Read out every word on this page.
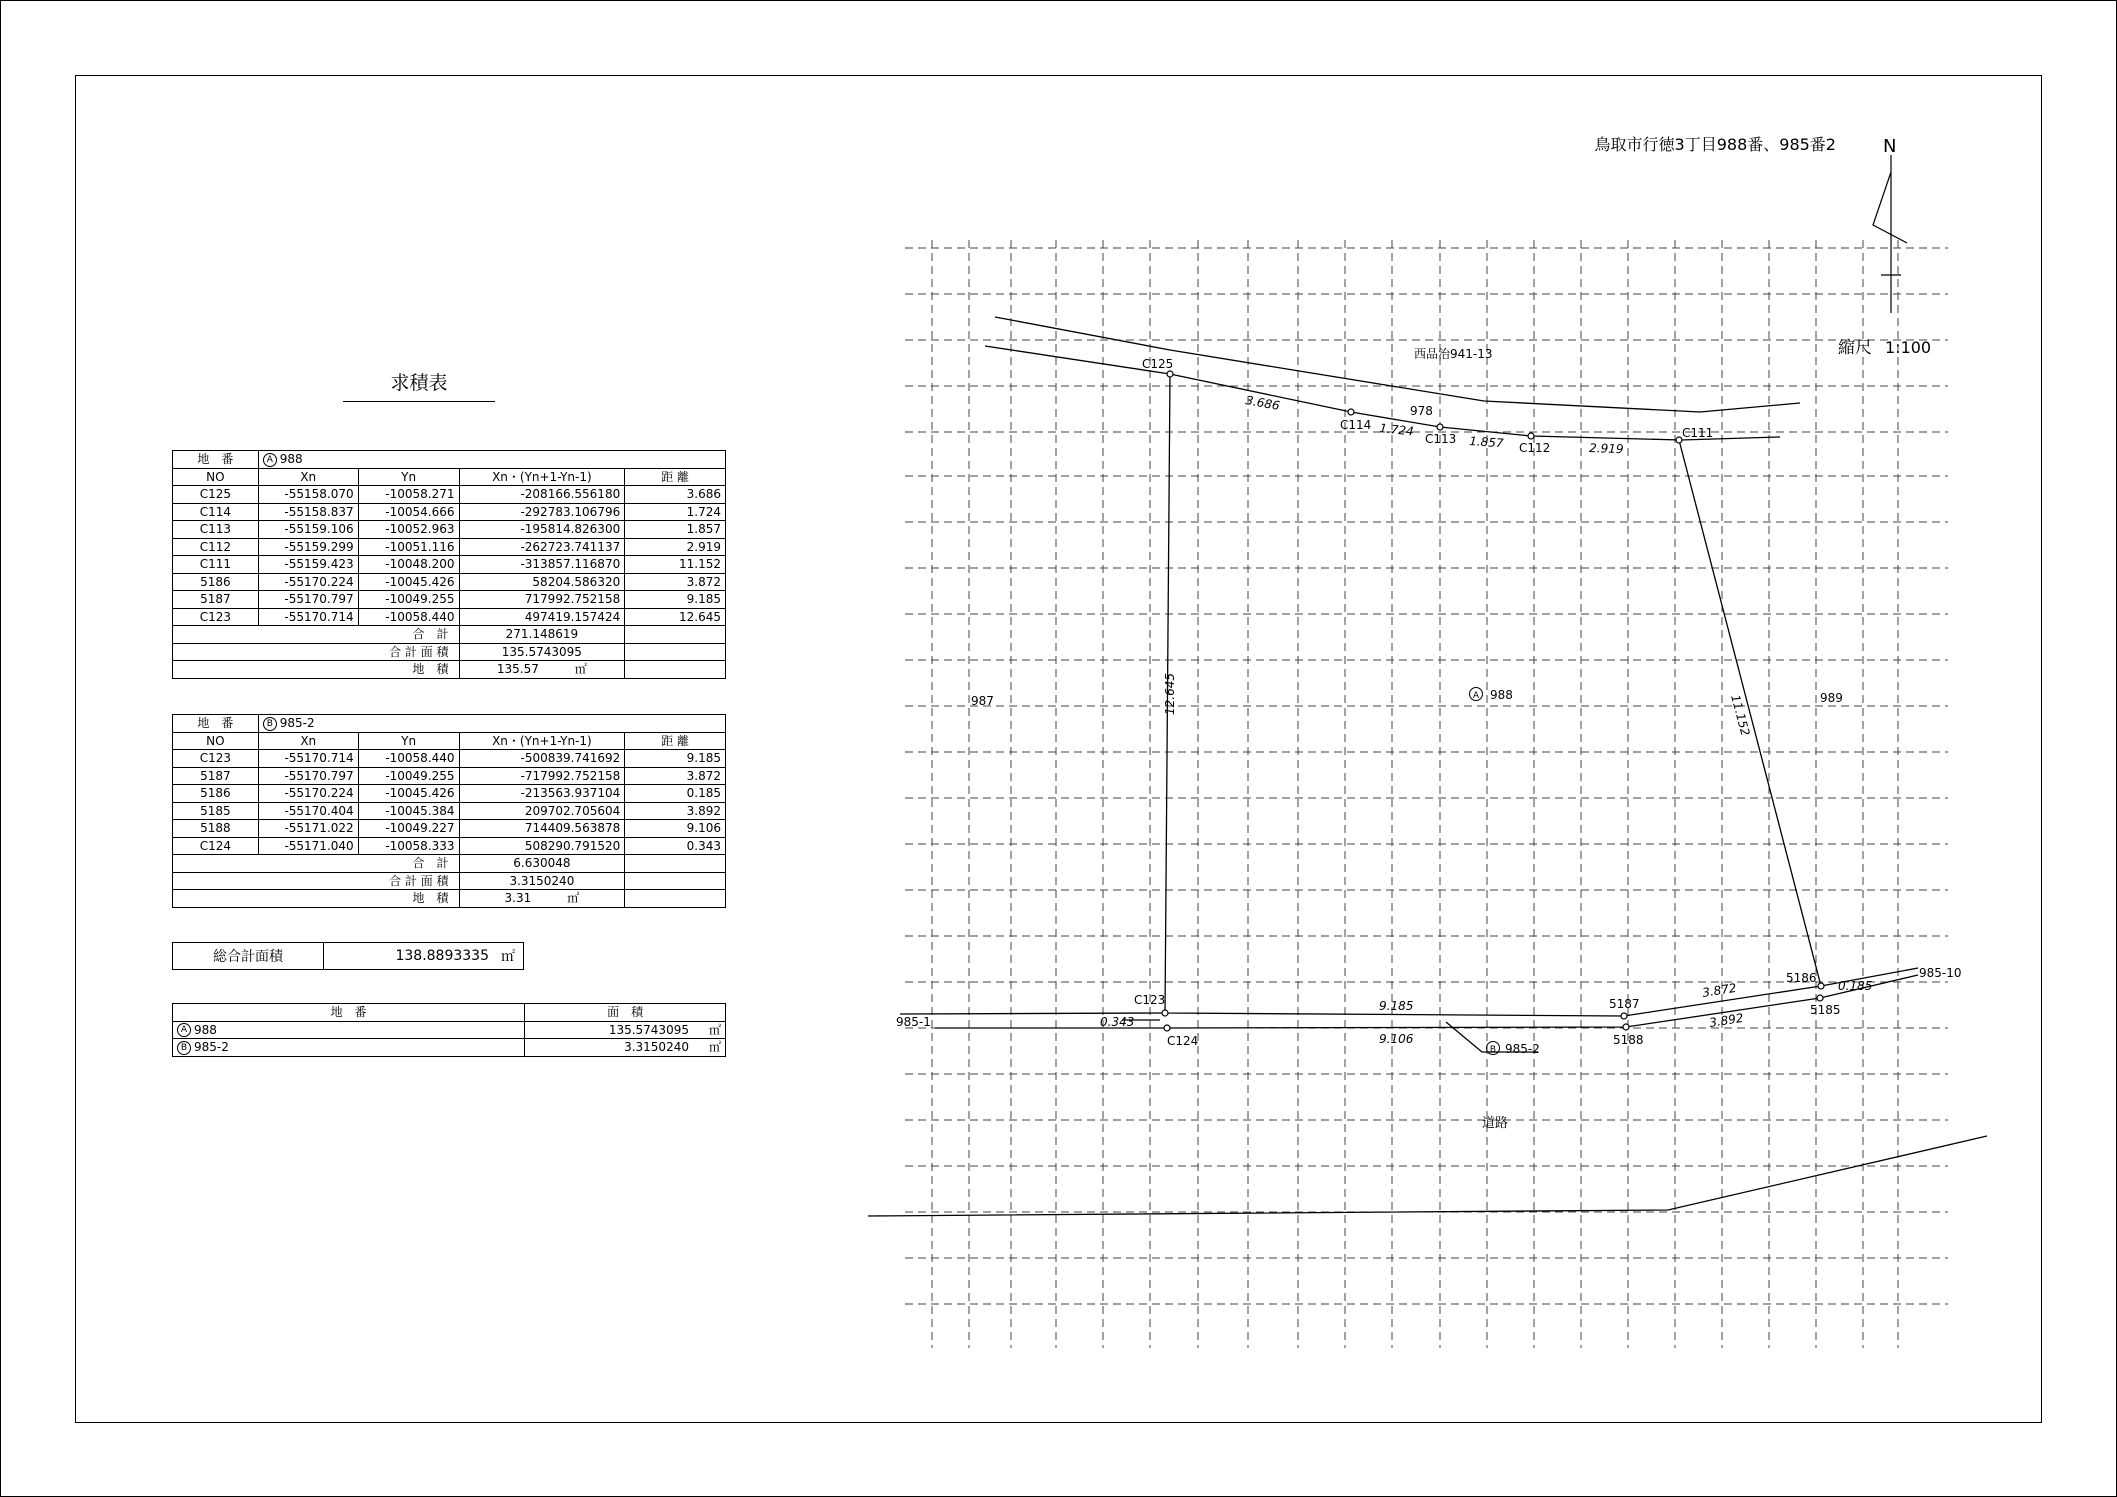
求積表
地　番	A 988			
NO	Xn	Yn	Xn・(Yn+1-Yn-1)	距 離
C125	-55158.070	-10058.271	-208166.556180	3.686
C114	-55158.837	-10054.666	-292783.106796	1.724
C113	-55159.106	-10052.963	-195814.826300	1.857
C112	-55159.299	-10051.116	-262723.741137	2.919
C111	-55159.423	-10048.200	-313857.116870	11.152
5186	-55170.224	-10045.426	58204.586320	3.872
5187	-55170.797	-10049.255	717992.752158	9.185
C123	-55170.714	-10058.440	497419.157424	12.645
合　計			271.148619	
合 計 面 積			135.5743095	
地　積			135.57 ㎡	
地　番	B 985-2			
NO	Xn	Yn	Xn・(Yn+1-Yn-1)	距 離
C123	-55170.714	-10058.440	-500839.741692	9.185
5187	-55170.797	-10049.255	-717992.752158	3.872
5186	-55170.224	-10045.426	-213563.937104	0.185
5185	-55170.404	-10045.384	209702.705604	3.892
5188	-55171.022	-10049.227	714409.563878	9.106
C124	-55171.040	-10058.333	508290.791520	0.343
合　計			6.630048	
合 計 面 積			3.3150240	
地　積			3.31 ㎡	
総合計面積	138.8893335 ㎡
地　番	面　積
A 988	135.5743095 ㎡
B 985-2	3.3150240 ㎡
鳥取市行徳3丁目988番、985番2	N
縮尺 1:100
C125
C114
C113
C112
C111
C123
C124
5187
5188
5186
5185
3.686
1.724
1.857	2.919
11.152
12.645
9.185
9.106
0.343
3.872
3.892
0.185
西品治941-13
978
987	989
A 988
B 985-2
985-1
985-10
道路
